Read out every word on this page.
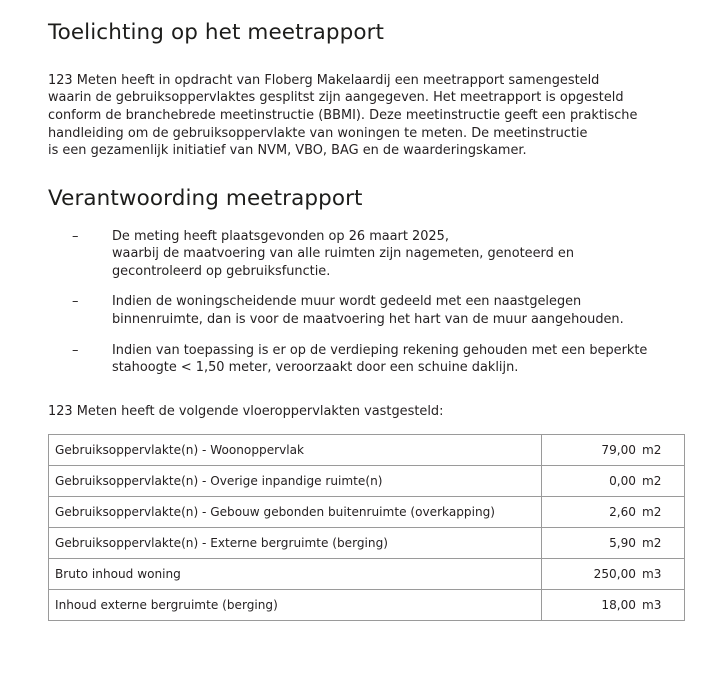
Toelichting op het meetrapport

123 Meten heeft in opdracht van Floberg Makelaardij een meetrapport samengesteld
waarin de gebruiksoppervlaktes gesplitst zijn aangegeven. Het meetrapport is opgesteld
conform de branchebrede meetinstructie (BBMI). Deze meetinstructie geeft een praktische
handleiding om de gebruiksoppervlakte van woningen te meten. De meetinstructie
is een gezamenlijk initiatief van NVM, VBO, BAG en de waarderingskamer.

Verantwoording meetrapport
–	De meting heeft plaatsgevonden op 26 maart 2025,
waarbij de maatvoering van alle ruimten zijn nagemeten, genoteerd en
gecontroleerd op gebruiksfunctie.
–	Indien de woningscheidende muur wordt gedeeld met een naastgelegen
binnenruimte, dan is voor de maatvoering het hart van de muur aangehouden.
–	Indien van toepassing is er op de verdieping rekening gehouden met een beperkte
stahoogte < 1,50 meter, veroorzaakt door een schuine daklijn.

123 Meten heeft de volgende vloeroppervlakten vastgesteld:

Gebruiksoppervlakte(n) - Woonoppervlak	79,00	m2
Gebruiksoppervlakte(n) - Overige inpandige ruimte(n)	0,00	m2
Gebruiksoppervlakte(n) - Gebouw gebonden buitenruimte (overkapping)	2,60	m2
Gebruiksoppervlakte(n) - Externe bergruimte (berging)	5,90	m2
Bruto inhoud woning	250,00	m3
Inhoud externe bergruimte (berging)	18,00	m3
